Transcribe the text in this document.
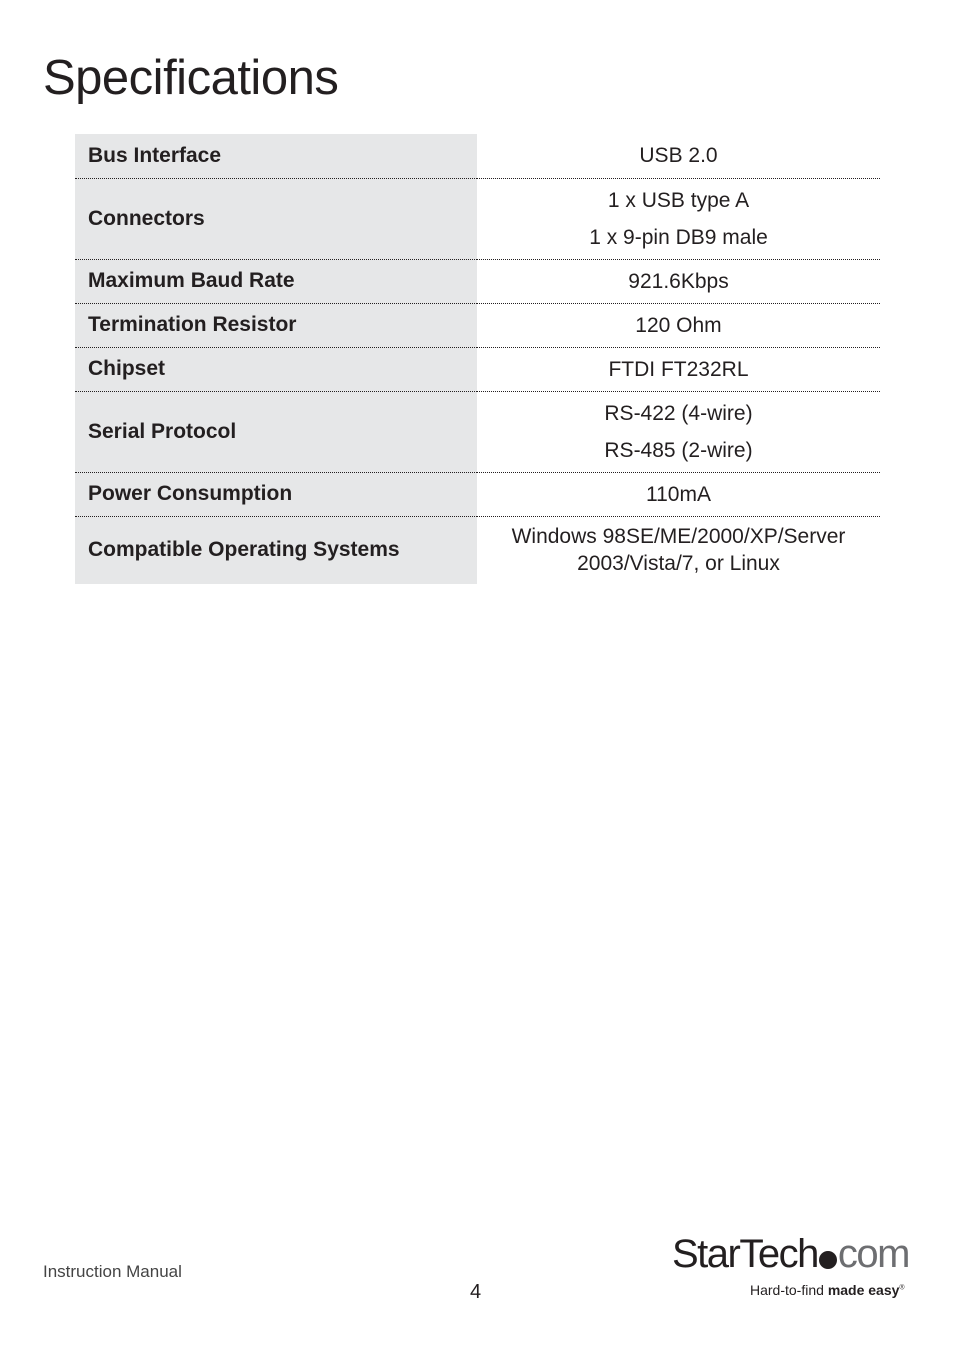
Specifications
Bus Interface	USB 2.0

Connectors	1 x USB type A
1 x 9-pin DB9 male

Maximum Baud Rate	921.6Kbps

Termination Resistor	120 Ohm

Chipset	FTDI FT232RL

Serial Protocol	RS-422 (4-wire)
RS-485 (2-wire)

Power Consumption	110mA

Compatible Operating Systems	Windows 98SE/ME/2000/XP/Server
2003/Vista/7, or Linux
Instruction Manual
4
StarTech com
Hard-to-find made easy®
